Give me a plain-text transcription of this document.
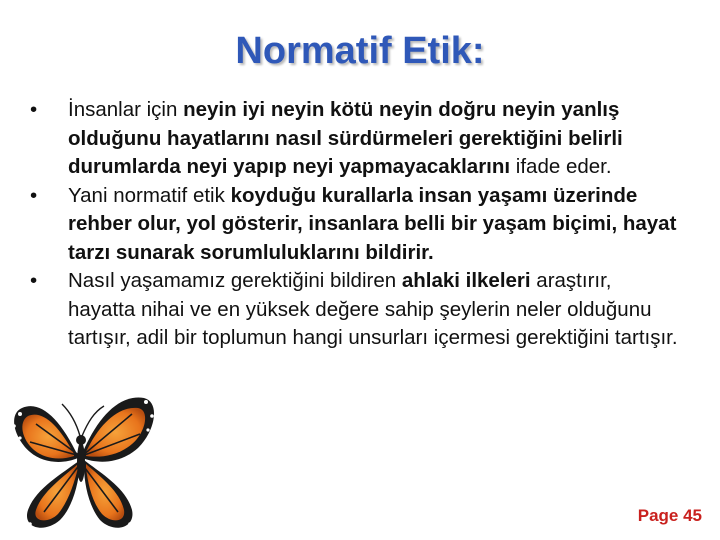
Normatif Etik:
•	İnsanlar için neyin iyi neyin kötü neyin doğru neyin yanlış olduğunu hayatlarını nasıl sürdürmeleri gerektiğini belirli durumlarda neyi yapıp neyi yapmayacaklarını ifade eder.
•	Yani normatif etik koyduğu kurallarla insan yaşamı üzerinde rehber olur, yol gösterir, insanlara belli bir yaşam biçimi, hayat tarzı sunarak sorumluluklarını bildirir.
•	Nasıl yaşamamız gerektiğini bildiren ahlaki ilkeleri araştırır, hayatta nihai ve en yüksek değere sahip şeylerin neler olduğunu tartışır, adil bir toplumun hangi unsurları içermesi gerektiğini tartışır.
Page 45
